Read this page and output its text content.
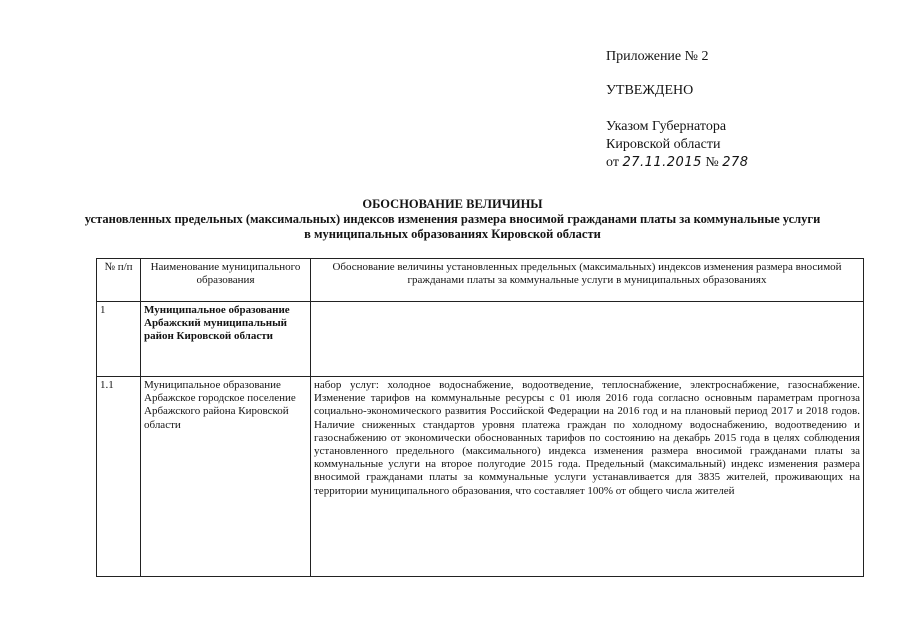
Приложение № 2
УТВЕЖДЕНО
Указом Губернатора
Кировской области
от 27.11.2015 № 278
ОБОСНОВАНИЕ ВЕЛИЧИНЫ
установленных предельных (максимальных) индексов изменения размера вносимой гражданами платы за коммунальные услуги
в муниципальных образованиях Кировской области
№ п/п	Наименование муниципального образования	Обоснование величины установленных предельных (максимальных) индексов изменения размера вносимой гражданами платы за коммунальные услуги в муниципальных образованиях
1	Муниципальное образование Арбажский муниципальный район Кировской области	
1.1	Муниципальное образование Арбажское городское поселение Арбажского района Кировской области	набор услуг: холодное водоснабжение, водоотведение, теплоснабжение, электроснабжение, газоснабжение. Изменение тарифов на коммунальные ресурсы с 01 июля 2016 года согласно основным параметрам прогноза социально-экономического развития Российской Федерации на 2016 год и на плановый период 2017 и 2018 годов. Наличие сниженных стандартов уровня платежа граждан по холодному водоснабжению, водоотведению и газоснабжению от экономически обоснованных тарифов по состоянию на декабрь 2015 года в целях соблюдения установленного предельного (максимального) индекса изменения размера вносимой гражданами платы за коммунальные услуги на второе полугодие 2015 года. Предельный (максимальный) индекс изменения размера вносимой гражданами платы за коммунальные услуги устанавливается для 3835 жителей, проживающих на территории муниципального образования, что составляет 100% от общего числа жителей
